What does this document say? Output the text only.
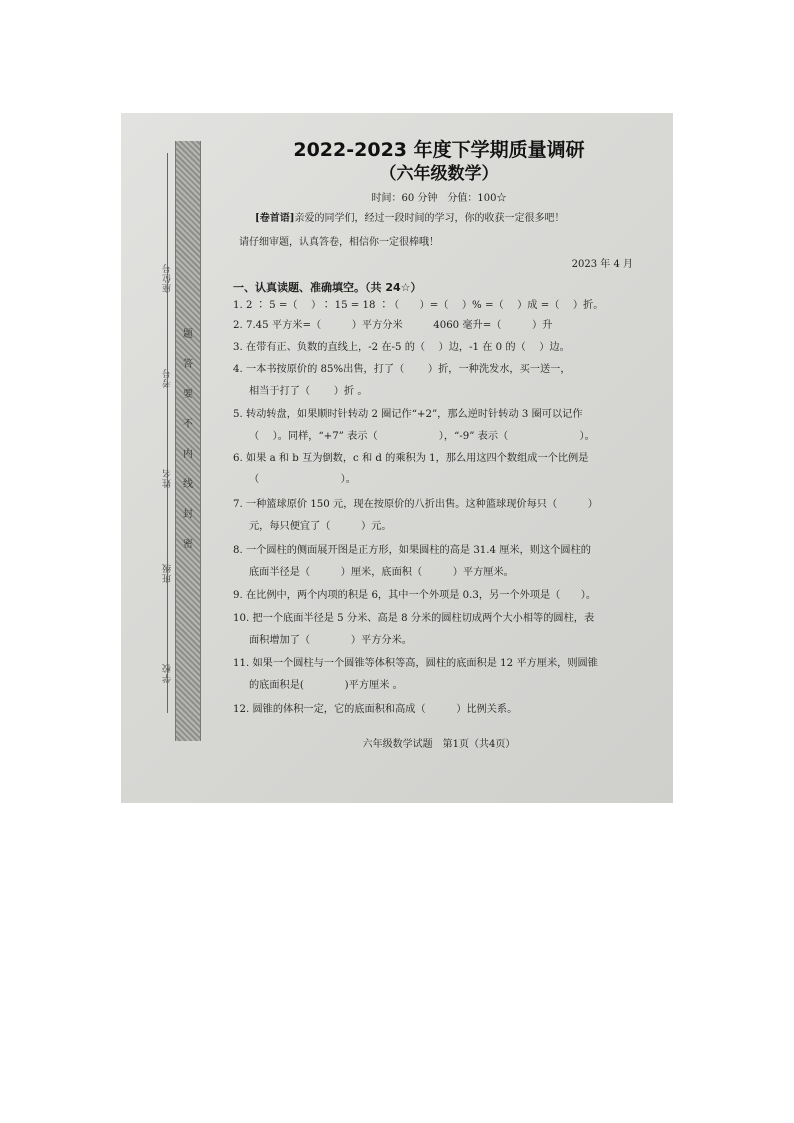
座位号
考号
姓名
班级
学校
题
答
要
不
内
线
封
密
2022-2023 年度下学期质量调研
（六年级数学）
时间：60 分钟　分值：100☆
[卷首语]亲爱的同学们，经过一段时间的学习，你的收获一定很多吧！
请仔细审题，认真答卷，相信你一定很棒哦！
2023 年 4 月
一、认真读题、准确填空。（共 24☆）
1. 2 ∶ 5 =（　 ）∶ 15 = 18 ∶（　　）=（　 ）% =（　 ）成 =（　 ）折。
2. 7.45 平方米=（　　　）平方分米　　　4060 毫升=（　　　）升
3. 在带有正、负数的直线上，-2 在-5 的（　 ）边，-1 在 0 的（　 ）边。
4. 一本书按原价的 85%出售，打了（　　 ）折，一种洗发水，买一送一，
相当于打了（　　 ）折 。
5. 转动转盘，如果顺时针转动 2 圈记作“+2”，那么逆时针转动 3 圈可以记作
（　 ）。同样，“+7” 表示（　　　　　　），“-9” 表示（　　　　　　　）。
6. 如果 a 和 b 互为倒数，c 和 d 的乘积为 1，那么用这四个数组成一个比例是
（　　　　　　　　）。
7. 一种篮球原价 150 元，现在按原价的八折出售。这种篮球现价每只（　　　）
元，每只便宜了（　　　）元。
8. 一个圆柱的侧面展开图是正方形，如果圆柱的高是 31.4 厘米，则这个圆柱的
底面半径是（　　　）厘米，底面积（　　　）平方厘米。
9. 在比例中，两个内项的积是 6，其中一个外项是 0.3，另一个外项是（　　）。
10. 把一个底面半径是 5 分米、高是 8 分米的圆柱切成两个大小相等的圆柱，表
面积增加了（　　　　）平方分米。
11. 如果一个圆柱与一个圆锥等体积等高，圆柱的底面积是 12 平方厘米，则圆锥
的底面积是(　　　　)平方厘米 。
12. 圆锥的体积一定，它的底面积和高成（　　　）比例关系。
六年级数学试题　第1页（共4页）
